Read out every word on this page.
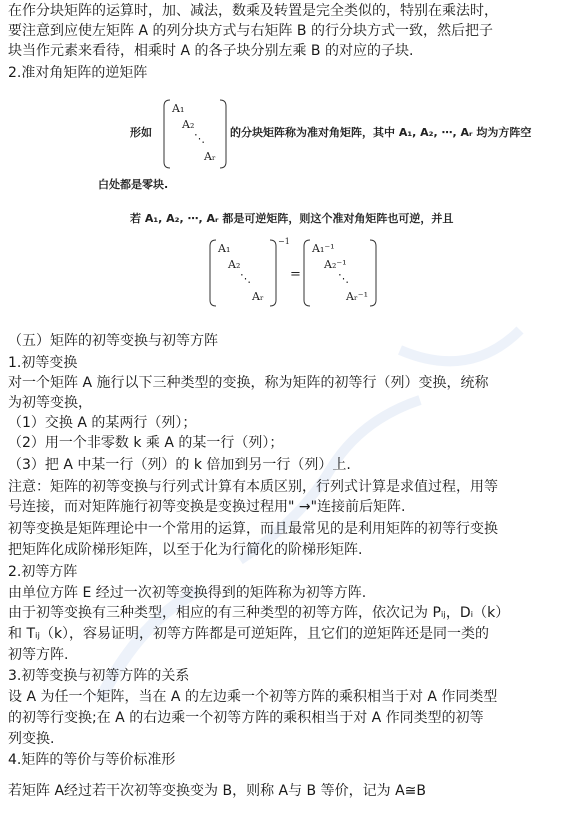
在作分块矩阵的运算时，加、减法，数乘及转置是完全类似的，特别在乘法时，
要注意到应使左矩阵 A 的列分块方式与右矩阵 B 的行分块方式一致，然后把子
块当作元素来看待，相乘时 A 的各子块分别左乘 B 的对应的子块.
2.准对角矩阵的逆矩阵
形如
A₁
A₂
⋱
Aᵣ
的分块矩阵称为准对角矩阵，其中 A₁, A₂, ⋯, Aᵣ 均为方阵空
白处都是零块.
若 A₁, A₂, ⋯, Aᵣ 都是可逆矩阵，则这个准对角矩阵也可逆，并且
A₁
A₂
⋱
Aᵣ
−1
=
A₁⁻¹
A₂⁻¹
⋱
Aᵣ⁻¹
（五）矩阵的初等变换与初等方阵
1.初等变换
对一个矩阵 A 施行以下三种类型的变换，称为矩阵的初等行（列）变换，统称
为初等变换，
（1）交换 A 的某两行（列）；
（2）用一个非零数 k 乘 A 的某一行（列）；
（3）把 A 中某一行（列）的 k 倍加到另一行（列）上.
注意：矩阵的初等变换与行列式计算有本质区别，行列式计算是求值过程，用等
号连接，而对矩阵施行初等变换是变换过程用" →"连接前后矩阵.
初等变换是矩阵理论中一个常用的运算，而且最常见的是利用矩阵的初等行变换
把矩阵化成阶梯形矩阵，以至于化为行简化的阶梯形矩阵.
2.初等方阵
由单位方阵 E 经过一次初等变换得到的矩阵称为初等方阵.
由于初等变换有三种类型，相应的有三种类型的初等方阵，依次记为 Pᵢⱼ，Dᵢ（k）
和 Tᵢⱼ（k），容易证明，初等方阵都是可逆矩阵，且它们的逆矩阵还是同一类的
初等方阵.
3.初等变换与初等方阵的关系
设 A 为任一个矩阵，当在 A 的左边乘一个初等方阵的乘积相当于对 A 作同类型
的初等行变换;在 A 的右边乘一个初等方阵的乘积相当于对 A 作同类型的初等
列变换.
4.矩阵的等价与等价标准形
若矩阵 A经过若干次初等变换变为 B，则称 A与 B 等价，记为 A≅B
